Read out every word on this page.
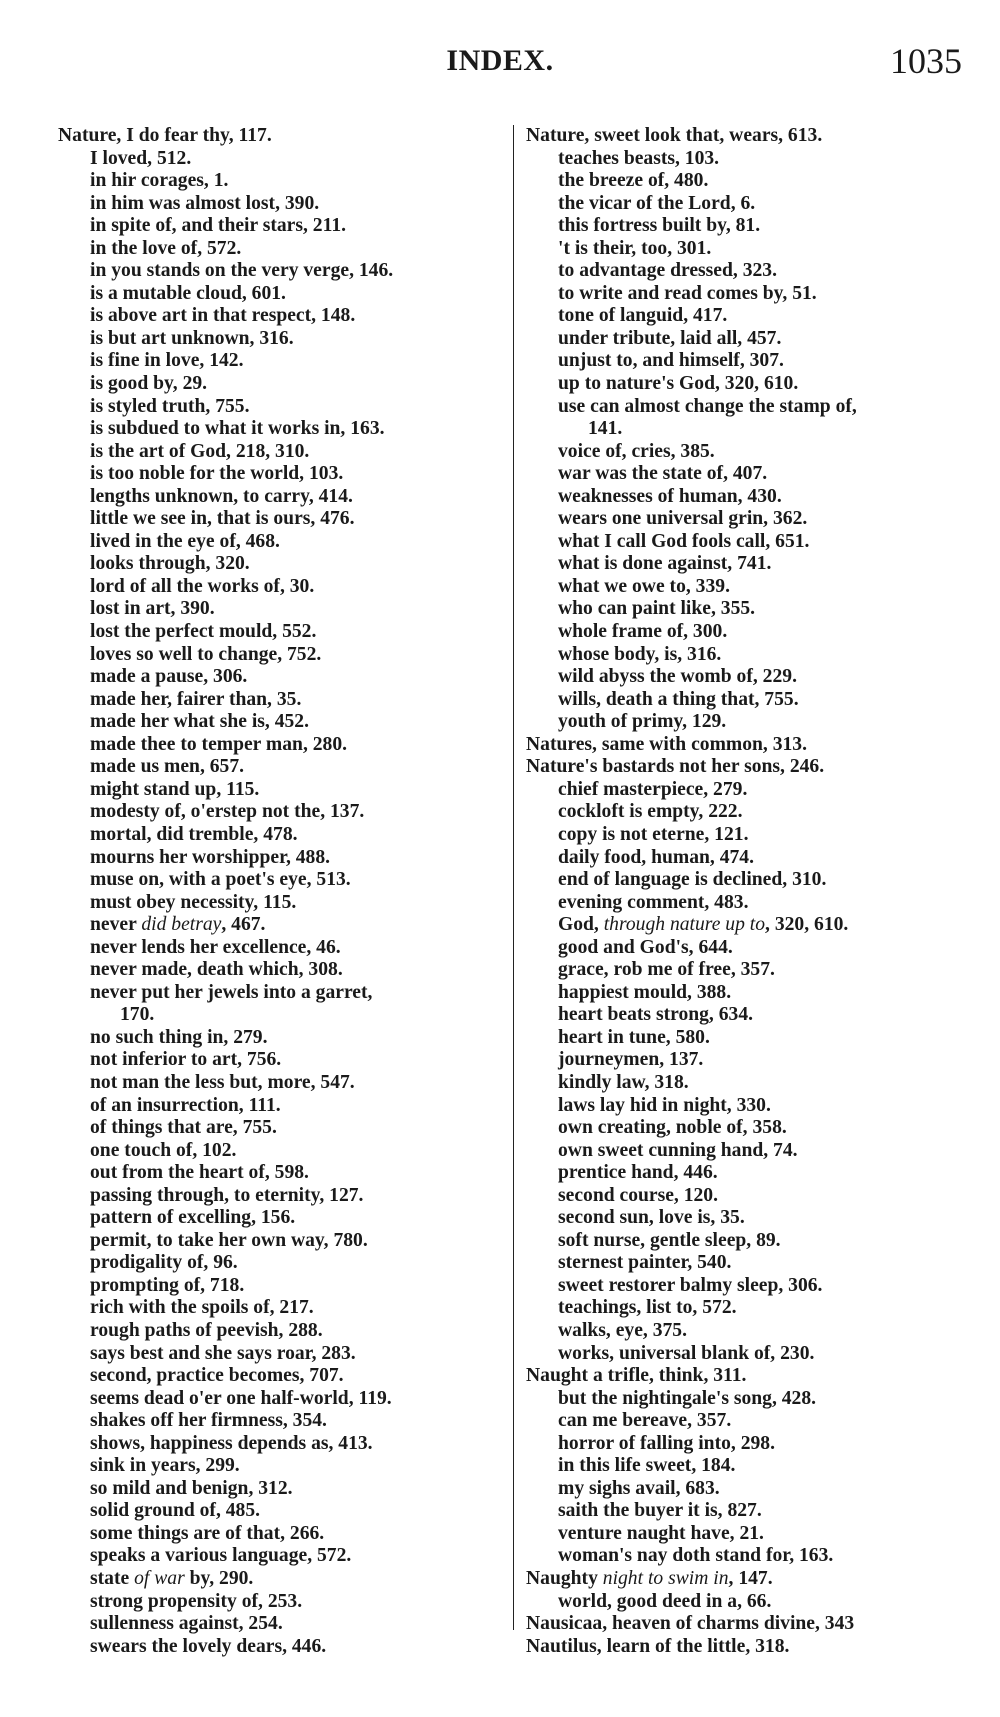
INDEX.	1035
Nature, I do fear thy, 117.
I loved, 512.
in hir corages, 1.
in him was almost lost, 390.
in spite of, and their stars, 211.
in the love of, 572.
in you stands on the very verge, 146.
is a mutable cloud, 601.
is above art in that respect, 148.
is but art unknown, 316.
is fine in love, 142.
is good by, 29.
is styled truth, 755.
is subdued to what it works in, 163.
is the art of God, 218, 310.
is too noble for the world, 103.
lengths unknown, to carry, 414.
little we see in, that is ours, 476.
lived in the eye of, 468.
looks through, 320.
lord of all the works of, 30.
lost in art, 390.
lost the perfect mould, 552.
loves so well to change, 752.
made a pause, 306.
made her, fairer than, 35.
made her what she is, 452.
made thee to temper man, 280.
made us men, 657.
might stand up, 115.
modesty of, o'erstep not the, 137.
mortal, did tremble, 478.
mourns her worshipper, 488.
muse on, with a poet's eye, 513.
must obey necessity, 115.
never did betray, 467.
never lends her excellence, 46.
never made, death which, 308.
never put her jewels into a garret,
170.
no such thing in, 279.
not inferior to art, 756.
not man the less but, more, 547.
of an insurrection, 111.
of things that are, 755.
one touch of, 102.
out from the heart of, 598.
passing through, to eternity, 127.
pattern of excelling, 156.
permit, to take her own way, 780.
prodigality of, 96.
prompting of, 718.
rich with the spoils of, 217.
rough paths of peevish, 288.
says best and she says roar, 283.
second, practice becomes, 707.
seems dead o'er one half-world, 119.
shakes off her firmness, 354.
shows, happiness depends as, 413.
sink in years, 299.
so mild and benign, 312.
solid ground of, 485.
some things are of that, 266.
speaks a various language, 572.
state of war by, 290.
strong propensity of, 253.
sullenness against, 254.
swears the lovely dears, 446.
Nature, sweet look that, wears, 613.
teaches beasts, 103.
the breeze of, 480.
the vicar of the Lord, 6.
this fortress built by, 81.
't is their, too, 301.
to advantage dressed, 323.
to write and read comes by, 51.
tone of languid, 417.
under tribute, laid all, 457.
unjust to, and himself, 307.
up to nature's God, 320, 610.
use can almost change the stamp of,
141.
voice of, cries, 385.
war was the state of, 407.
weaknesses of human, 430.
wears one universal grin, 362.
what I call God fools call, 651.
what is done against, 741.
what we owe to, 339.
who can paint like, 355.
whole frame of, 300.
whose body, is, 316.
wild abyss the womb of, 229.
wills, death a thing that, 755.
youth of primy, 129.
Natures, same with common, 313.
Nature's bastards not her sons, 246.
chief masterpiece, 279.
cockloft is empty, 222.
copy is not eterne, 121.
daily food, human, 474.
end of language is declined, 310.
evening comment, 483.
God, through nature up to, 320, 610.
good and God's, 644.
grace, rob me of free, 357.
happiest mould, 388.
heart beats strong, 634.
heart in tune, 580.
journeymen, 137.
kindly law, 318.
laws lay hid in night, 330.
own creating, noble of, 358.
own sweet cunning hand, 74.
prentice hand, 446.
second course, 120.
second sun, love is, 35.
soft nurse, gentle sleep, 89.
sternest painter, 540.
sweet restorer balmy sleep, 306.
teachings, list to, 572.
walks, eye, 375.
works, universal blank of, 230.
Naught a trifle, think, 311.
but the nightingale's song, 428.
can me bereave, 357.
horror of falling into, 298.
in this life sweet, 184.
my sighs avail, 683.
saith the buyer it is, 827.
venture naught have, 21.
woman's nay doth stand for, 163.
Naughty night to swim in, 147.
world, good deed in a, 66.
Nausicaa, heaven of charms divine, 343
Nautilus, learn of the little, 318.
